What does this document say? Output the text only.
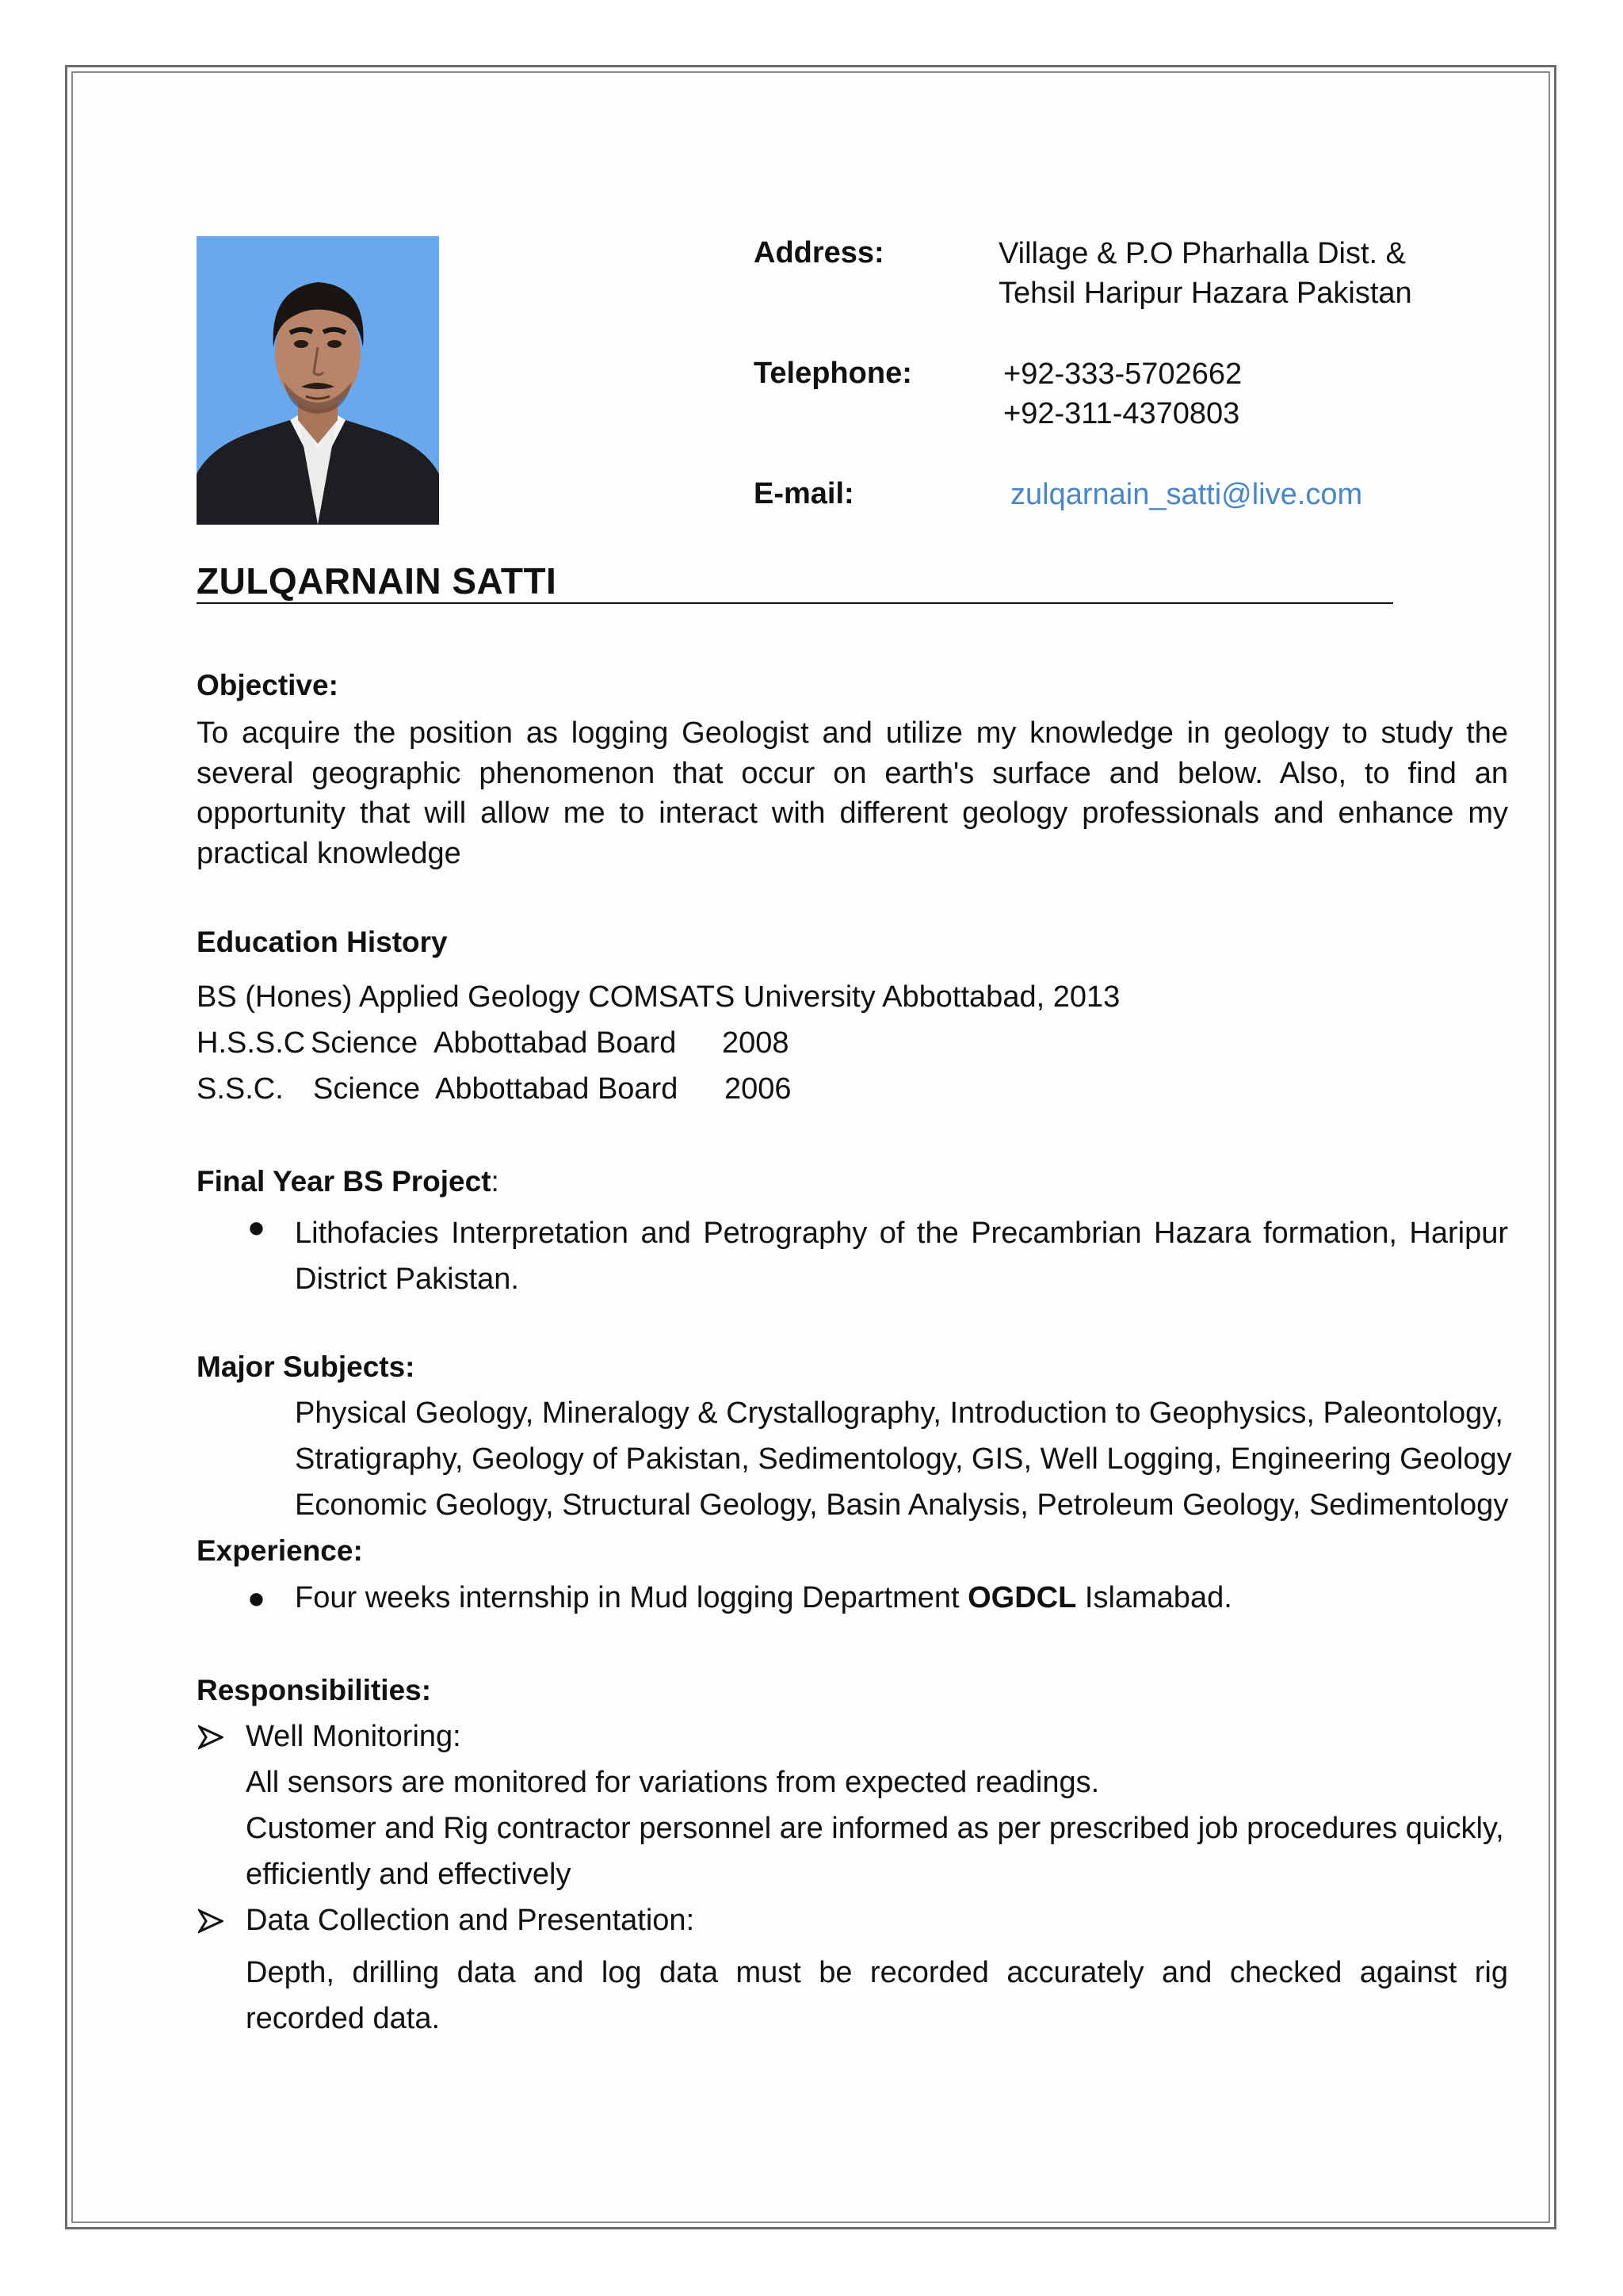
Address:	Village & P.O Pharhalla Dist. &
Tehsil Haripur Hazara Pakistan
Telephone:	+92-333-5702662
+92-311-4370803
E-mail:	zulqarnain_satti@live.com
ZULQARNAIN SATTI
Objective:
To acquire the position as logging Geologist and utilize my knowledge in geology to study the
several geographic phenomenon that occur on earth's surface and below. Also, to find an
opportunity that will allow me to interact with different geology professionals and enhance my
practical knowledge
Education History
BS (Hones) Applied Geology COMSATS University Abbottabad, 2013
H.S.S.C Science Abbottabad Board 2008
S.S.C. Science Abbottabad Board 2006
Final Year BS Project:
● Lithofacies Interpretation and Petrography of the Precambrian Hazara formation, Haripur
District Pakistan.
Major Subjects:
Physical Geology, Mineralogy & Crystallography, Introduction to Geophysics, Paleontology,
Stratigraphy, Geology of Pakistan, Sedimentology, GIS, Well Logging, Engineering Geology
Economic Geology, Structural Geology, Basin Analysis, Petroleum Geology, Sedimentology
Experience:
● Four weeks internship in Mud logging Department OGDCL Islamabad.
Responsibilities:
Well Monitoring:
All sensors are monitored for variations from expected readings.
Customer and Rig contractor personnel are informed as per prescribed job procedures quickly,
efficiently and effectively
Data Collection and Presentation:
Depth, drilling data and log data must be recorded accurately and checked against rig
recorded data.
